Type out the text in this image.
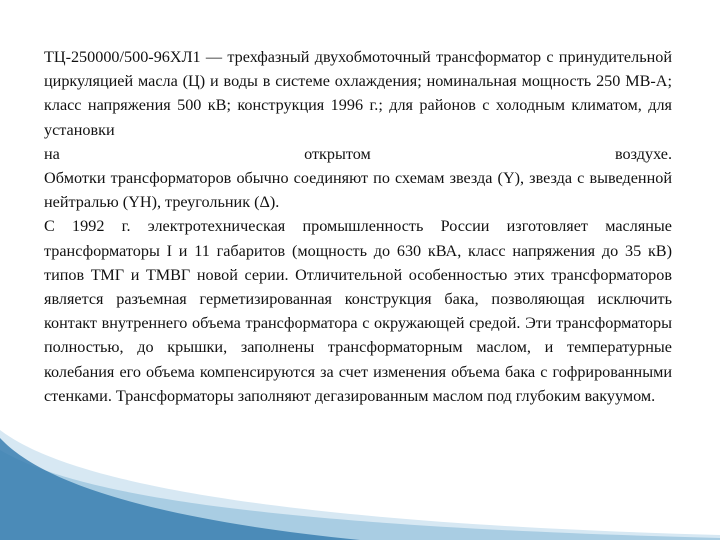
ТЦ-250000/500-96ХЛ1 — трехфазный двухобмоточный трансформатор с принудительной циркуляцией масла (Ц) и воды в системе охлаждения; номинальная мощность 250 МВ-А; класс напряжения 500 кВ; конструкция 1996 г.; для районов с холодным климатом, для установки

на открытом воздухе.

Обмотки трансформаторов обычно соединяют по схемам звезда (Y), звезда с выведенной нейтралью (YН), треугольник (Δ).

С 1992 г. электротехническая промышленность России изготовляет масляные трансформаторы I и 11 габаритов (мощность до 630 кВА, класс напряжения до 35 кВ) типов ТМГ и ТМВГ новой серии. Отличительной особенностью этих трансформаторов является разъемная герметизированная конструкция бака, позволяющая исключить контакт внутреннего объема трансформатора с окружающей средой. Эти трансформаторы полностью, до крышки, заполнены трансформаторным маслом, и температурные колебания его объема компенсируются за счет изменения объема бака с гофрированными стенками. Трансформаторы заполняют дегазированным маслом под глубоким вакуумом.
